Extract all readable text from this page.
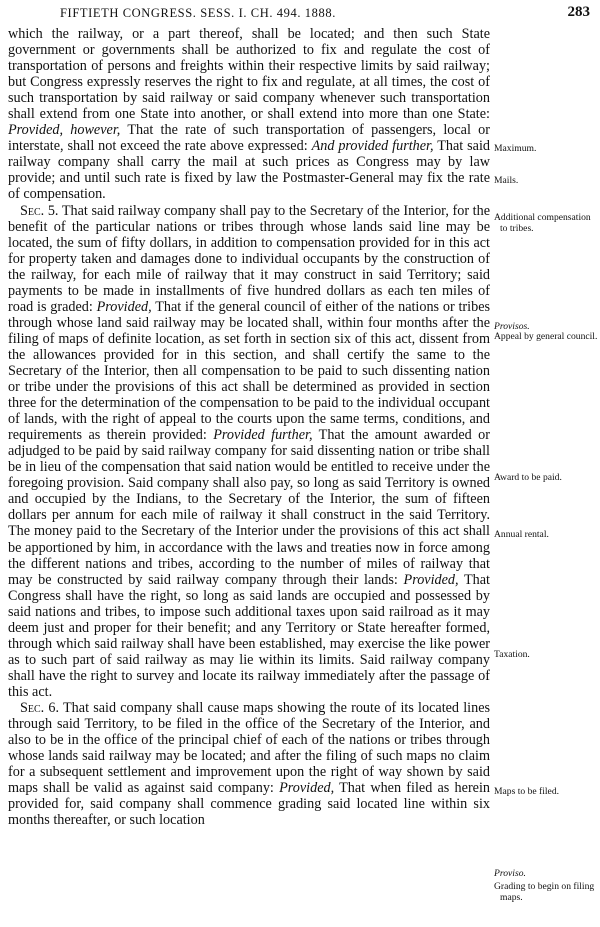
FIFTIETH CONGRESS. SESS. I. CH. 494. 1888.	283

which the railway, or a part thereof, shall be located; and then such State government or governments shall be authorized to fix and regulate the cost of transportation of persons and freights within their respective limits by said railway; but Congress expressly reserves the right to fix and regulate, at all times, the cost of such transportation by said railway or said company whenever such transportation shall extend from one State into another, or shall extend into more than one State: Provided, however, That the rate of such transportation of passengers, local or interstate, shall not exceed the rate above expressed: And provided further, That said railway company shall carry the mail at such prices as Congress may by law provide; and until such rate is fixed by law the Postmaster-General may fix the rate of compensation.

Sec. 5. That said railway company shall pay to the Secretary of the Interior, for the benefit of the particular nations or tribes through whose lands said line may be located, the sum of fifty dollars, in addition to compensation provided for in this act for property taken and damages done to individual occupants by the construction of the railway, for each mile of railway that it may construct in said Territory; said payments to be made in installments of five hundred dollars as each ten miles of road is graded: Provided, That if the general council of either of the nations or tribes through whose land said railway may be located shall, within four months after the filing of maps of definite location, as set forth in section six of this act, dissent from the allowances provided for in this section, and shall certify the same to the Secretary of the Interior, then all compensation to be paid to such dissenting nation or tribe under the provisions of this act shall be determined as provided in section three for the determination of the compensation to be paid to the individual occupant of lands, with the right of appeal to the courts upon the same terms, conditions, and requirements as therein provided: Provided further, That the amount awarded or adjudged to be paid by said railway company for said dissenting nation or tribe shall be in lieu of the compensation that said nation would be entitled to receive under the foregoing provision. Said company shall also pay, so long as said Territory is owned and occupied by the Indians, to the Secretary of the Interior, the sum of fifteen dollars per annum for each mile of railway it shall construct in the said Territory. The money paid to the Secretary of the Interior under the provisions of this act shall be apportioned by him, in accordance with the laws and treaties now in force among the different nations and tribes, according to the number of miles of railway that may be constructed by said railway company through their lands: Provided, That Congress shall have the right, so long as said lands are occupied and possessed by said nations and tribes, to impose such additional taxes upon said railroad as it may deem just and proper for their benefit; and any Territory or State hereafter formed, through which said railway shall have been established, may exercise the like power as to such part of said railway as may lie within its limits. Said railway company shall have the right to survey and locate its railway immediately after the passage of this act.

Sec. 6. That said company shall cause maps showing the route of its located lines through said Territory, to be filed in the office of the Secretary of the Interior, and also to be in the office of the principal chief of each of the nations or tribes through whose lands said railway may be located; and after the filing of such maps no claim for a subsequent settlement and improvement upon the right of way shown by said maps shall be valid as against said company: Provided, That when filed as herein provided for, said company shall commence grading said located line within six months thereafter, or such location

Maximum.
Mails.
Additional compensation to tribes.
Provisos.
Appeal by general council.
Award to be paid.
Annual rental.
Taxation.
Maps to be filed.
Proviso.
Grading to begin on filing maps.
